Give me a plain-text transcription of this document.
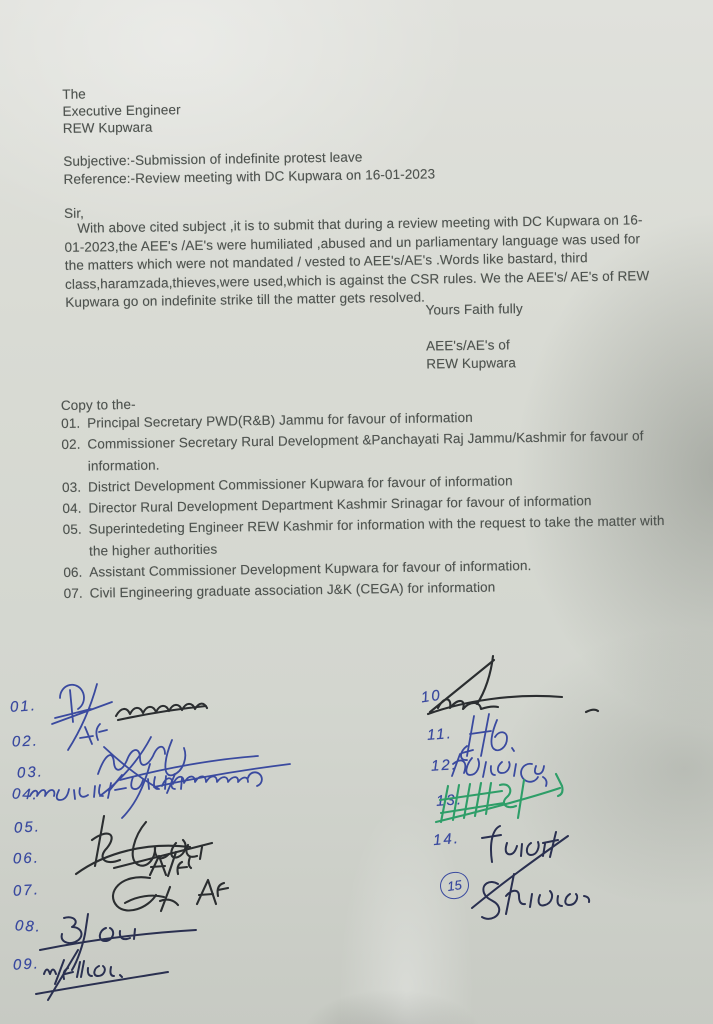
The
Executive Engineer
REW Kupwara
Subjective:-Submission of indefinite protest leave
Reference:-Review meeting with DC Kupwara on 16-01-2023
Sir,

With above cited subject ,it is to submit that during a review meeting with DC Kupwara on 16-01-2023,the AEE's /AE's were humiliated ,abused and un parliamentary language was used for the matters which were not mandated / vested to AEE's/AE's .Words like bastard, third class,haramzada,thieves,were used,which is against the CSR rules. We the AEE's/ AE's of REW Kupwara go on indefinite strike till the matter gets resolved. Yours Faith fully
AEE's/AE's of
REW Kupwara
Copy to the-
01. Principal Secretary PWD(R&B) Jammu for favour of information
02. Commissioner Secretary Rural Development &Panchayati Raj Jammu/Kashmir for favour of information.
03. District Development Commissioner Kupwara for favour of information
04. Director Rural Development Department Kashmir Srinagar for favour of information
05. Superintedeting Engineer REW Kashmir for information with the request to take the matter with the higher authorities
06. Assistant Commissioner Development Kupwara for favour of information.
07. Civil Engineering graduate association J&K (CEGA) for information
01.
02.
03.
04.
05.
06.
07.
08.
09.
10
11.
12.
13.
14.
15
